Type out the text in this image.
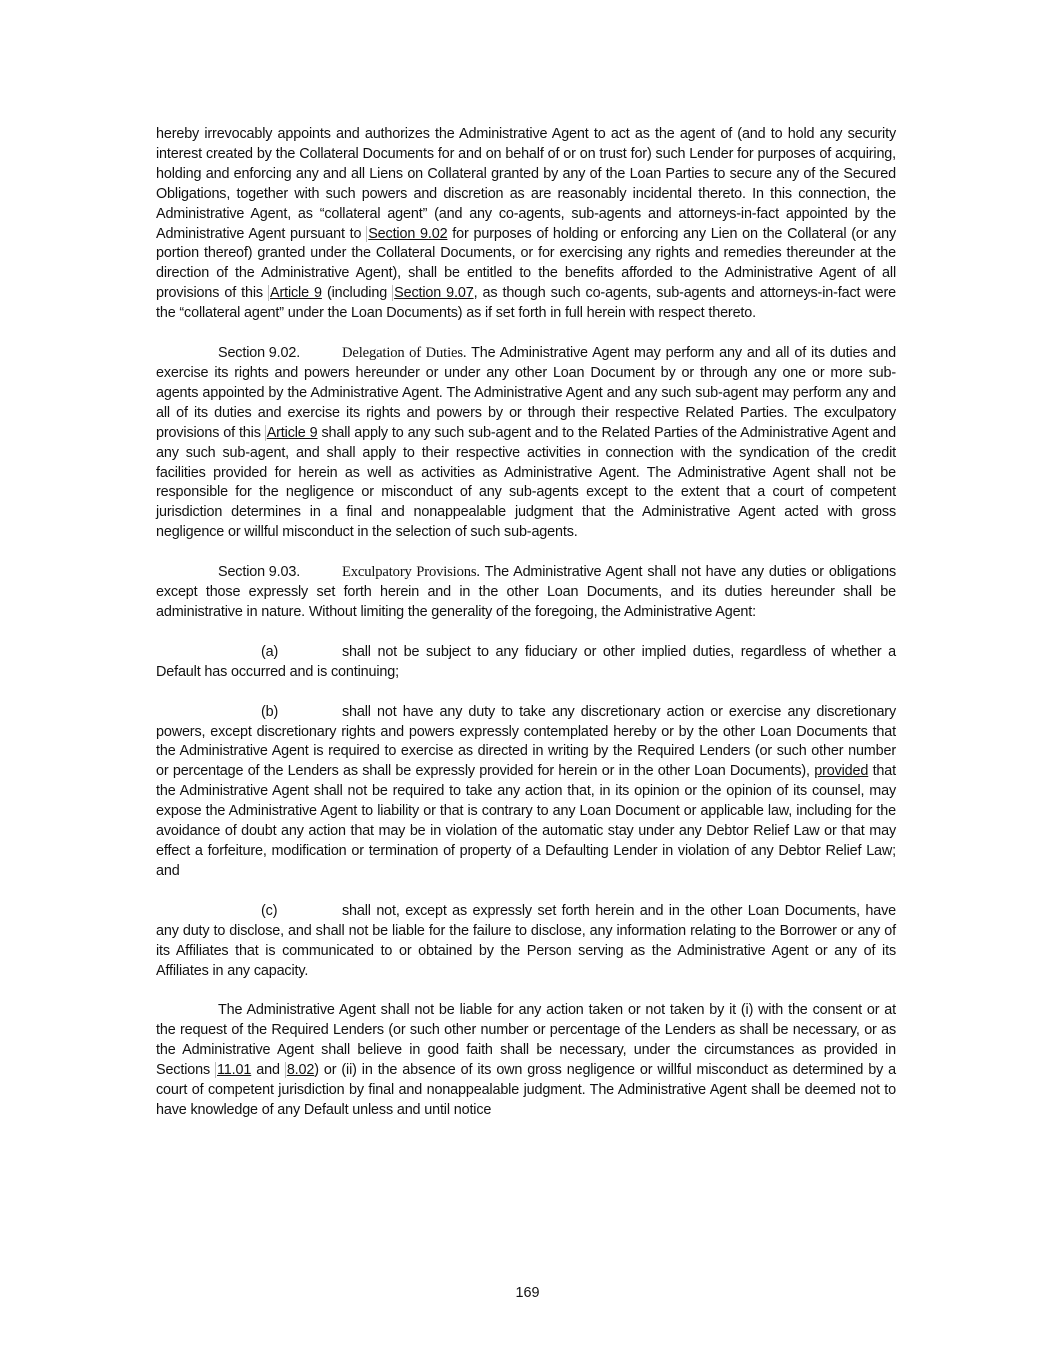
hereby irrevocably appoints and authorizes the Administrative Agent to act as the agent of (and to hold any security interest created by the Collateral Documents for and on behalf of or on trust for) such Lender for purposes of acquiring, holding and enforcing any and all Liens on Collateral granted by any of the Loan Parties to secure any of the Secured Obligations, together with such powers and discretion as are reasonably incidental thereto. In this connection, the Administrative Agent, as “collateral agent” (and any co-agents, sub-agents and attorneys-in-fact appointed by the Administrative Agent pursuant to Section 9.02 for purposes of holding or enforcing any Lien on the Collateral (or any portion thereof) granted under the Collateral Documents, or for exercising any rights and remedies thereunder at the direction of the Administrative Agent), shall be entitled to the benefits afforded to the Administrative Agent of all provisions of this Article 9 (including Section 9.07, as though such co-agents, sub-agents and attorneys-in-fact were the “collateral agent” under the Loan Documents) as if set forth in full herein with respect thereto.

Section 9.02.	Delegation of Duties. The Administrative Agent may perform any and all of its duties and exercise its rights and powers hereunder or under any other Loan Document by or through any one or more sub-agents appointed by the Administrative Agent. The Administrative Agent and any such sub-agent may perform any and all of its duties and exercise its rights and powers by or through their respective Related Parties. The exculpatory provisions of this Article 9 shall apply to any such sub-agent and to the Related Parties of the Administrative Agent and any such sub-agent, and shall apply to their respective activities in connection with the syndication of the credit facilities provided for herein as well as activities as Administrative Agent. The Administrative Agent shall not be responsible for the negligence or misconduct of any sub-agents except to the extent that a court of competent jurisdiction determines in a final and nonappealable judgment that the Administrative Agent acted with gross negligence or willful misconduct in the selection of such sub-agents.

Section 9.03.	Exculpatory Provisions. The Administrative Agent shall not have any duties or obligations except those expressly set forth herein and in the other Loan Documents, and its duties hereunder shall be administrative in nature. Without limiting the generality of the foregoing, the Administrative Agent:

(a)	shall not be subject to any fiduciary or other implied duties, regardless of whether a Default has occurred and is continuing;

(b)	shall not have any duty to take any discretionary action or exercise any discretionary powers, except discretionary rights and powers expressly contemplated hereby or by the other Loan Documents that the Administrative Agent is required to exercise as directed in writing by the Required Lenders (or such other number or percentage of the Lenders as shall be expressly provided for herein or in the other Loan Documents), provided that the Administrative Agent shall not be required to take any action that, in its opinion or the opinion of its counsel, may expose the Administrative Agent to liability or that is contrary to any Loan Document or applicable law, including for the avoidance of doubt any action that may be in violation of the automatic stay under any Debtor Relief Law or that may effect a forfeiture, modification or termination of property of a Defaulting Lender in violation of any Debtor Relief Law; and

(c)	shall not, except as expressly set forth herein and in the other Loan Documents, have any duty to disclose, and shall not be liable for the failure to disclose, any information relating to the Borrower or any of its Affiliates that is communicated to or obtained by the Person serving as the Administrative Agent or any of its Affiliates in any capacity.

The Administrative Agent shall not be liable for any action taken or not taken by it (i) with the consent or at the request of the Required Lenders (or such other number or percentage of the Lenders as shall be necessary, or as the Administrative Agent shall believe in good faith shall be necessary, under the circumstances as provided in Sections 11.01 and 8.02) or (ii) in the absence of its own gross negligence or willful misconduct as determined by a court of competent jurisdiction by final and nonappealable judgment. The Administrative Agent shall be deemed not to have knowledge of any Default unless and until notice

169
